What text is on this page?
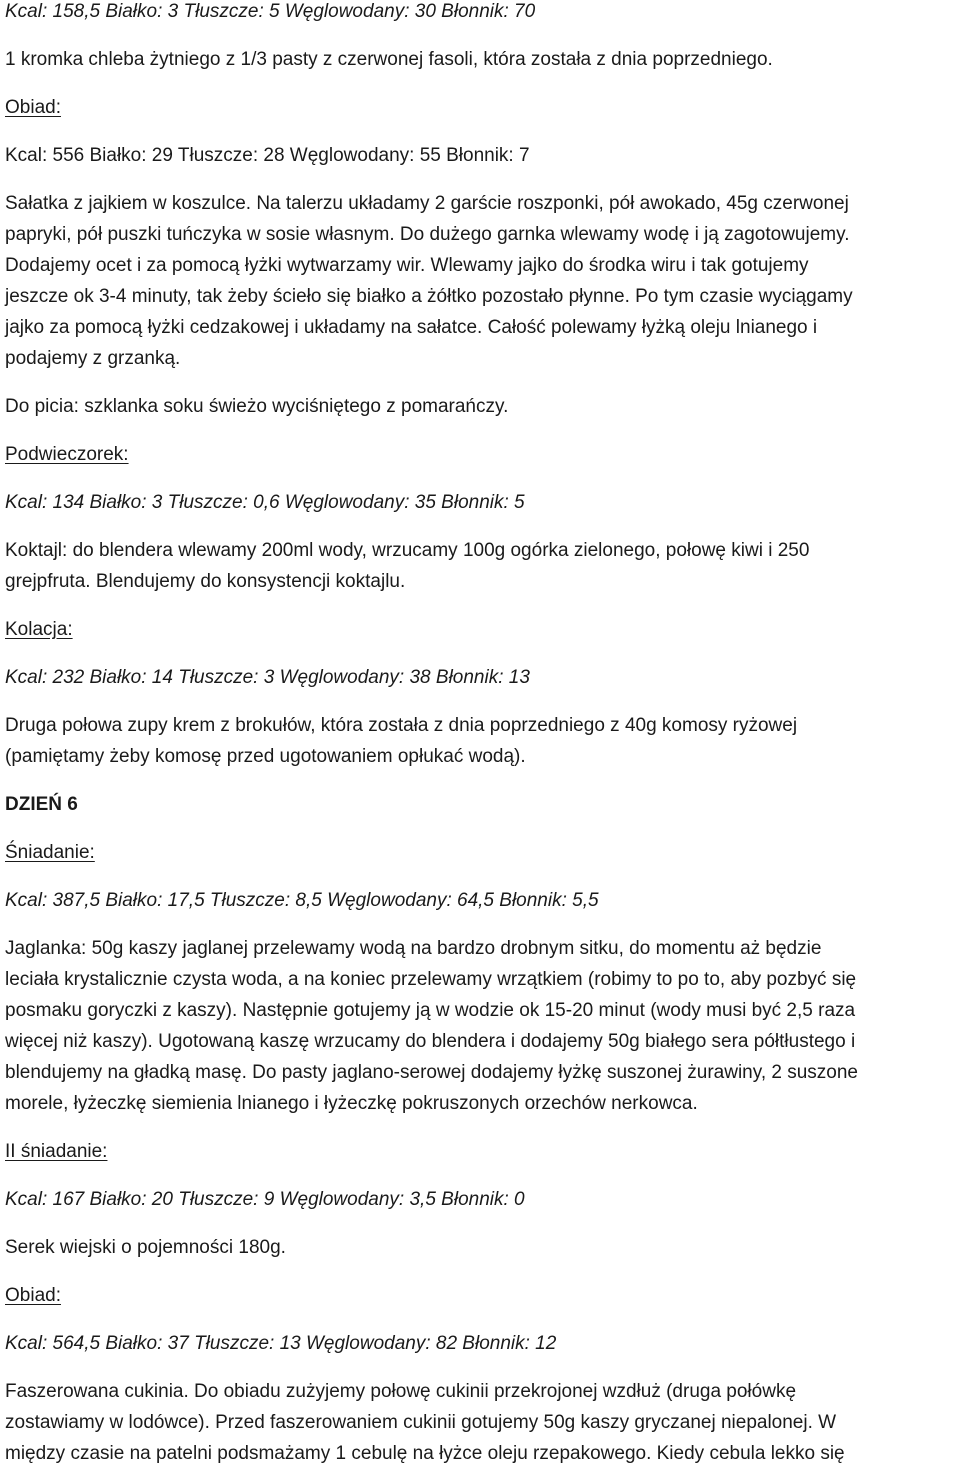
Kcal: 158,5 Białko: 3 Tłuszcze: 5 Węglowodany: 30 Błonnik: 70
1 kromka chleba żytniego z 1/3 pasty z czerwonej fasoli, która została z dnia poprzedniego.
Obiad:
Kcal: 556 Białko: 29 Tłuszcze: 28 Węglowodany: 55 Błonnik: 7
Sałatka z jajkiem w koszulce. Na talerzu układamy 2 garście roszponki, pół awokado, 45g czerwonej
papryki, pół puszki tuńczyka w sosie własnym. Do dużego garnka wlewamy wodę i ją zagotowujemy.
Dodajemy ocet i za pomocą łyżki wytwarzamy wir. Wlewamy jajko do środka wiru i tak gotujemy
jeszcze ok 3-4 minuty, tak żeby ścieło się białko a żółtko pozostało płynne. Po tym czasie wyciągamy
jajko za pomocą łyżki cedzakowej i układamy na sałatce. Całość polewamy łyżką oleju lnianego i
podajemy z grzanką.
Do picia: szklanka soku świeżo wyciśniętego z pomarańczy.
Podwieczorek:
Kcal: 134 Białko: 3 Tłuszcze: 0,6 Węglowodany: 35 Błonnik: 5
Koktajl: do blendera wlewamy 200ml wody, wrzucamy 100g ogórka zielonego, połowę kiwi i 250
grejpfruta. Blendujemy do konsystencji koktajlu.
Kolacja:
Kcal: 232 Białko: 14 Tłuszcze: 3 Węglowodany: 38 Błonnik: 13
Druga połowa zupy krem z brokułów, która została z dnia poprzedniego z 40g komosy ryżowej
(pamiętamy żeby komosę przed ugotowaniem opłukać wodą).
DZIEŃ 6
Śniadanie:
Kcal: 387,5 Białko: 17,5 Tłuszcze: 8,5 Węglowodany: 64,5 Błonnik: 5,5
Jaglanka: 50g kaszy jaglanej przelewamy wodą na bardzo drobnym sitku, do momentu aż będzie
leciała krystalicznie czysta woda, a na koniec przelewamy wrzątkiem (robimy to po to, aby pozbyć się
posmaku goryczki z kaszy). Następnie gotujemy ją w wodzie ok 15-20 minut (wody musi być 2,5 raza
więcej niż kaszy). Ugotowaną kaszę wrzucamy do blendera i dodajemy 50g białego sera półtłustego i
blendujemy na gładką masę. Do pasty jaglano-serowej dodajemy łyżkę suszonej żurawiny, 2 suszone
morele, łyżeczkę siemienia lnianego i łyżeczkę pokruszonych orzechów nerkowca.
II śniadanie:
Kcal: 167 Białko: 20 Tłuszcze: 9 Węglowodany: 3,5 Błonnik: 0
Serek wiejski o pojemności 180g.
Obiad:
Kcal: 564,5 Białko: 37 Tłuszcze: 13 Węglowodany: 82 Błonnik: 12
Faszerowana cukinia. Do obiadu zużyjemy połowę cukinii przekrojonej wzdłuż (druga połówkę
zostawiamy w lodówce). Przed faszerowaniem cukinii gotujemy 50g kaszy gryczanej niepalonej. W
między czasie na patelni podsmażamy 1 cebulę na łyżce oleju rzepakowego. Kiedy cebula lekko się
